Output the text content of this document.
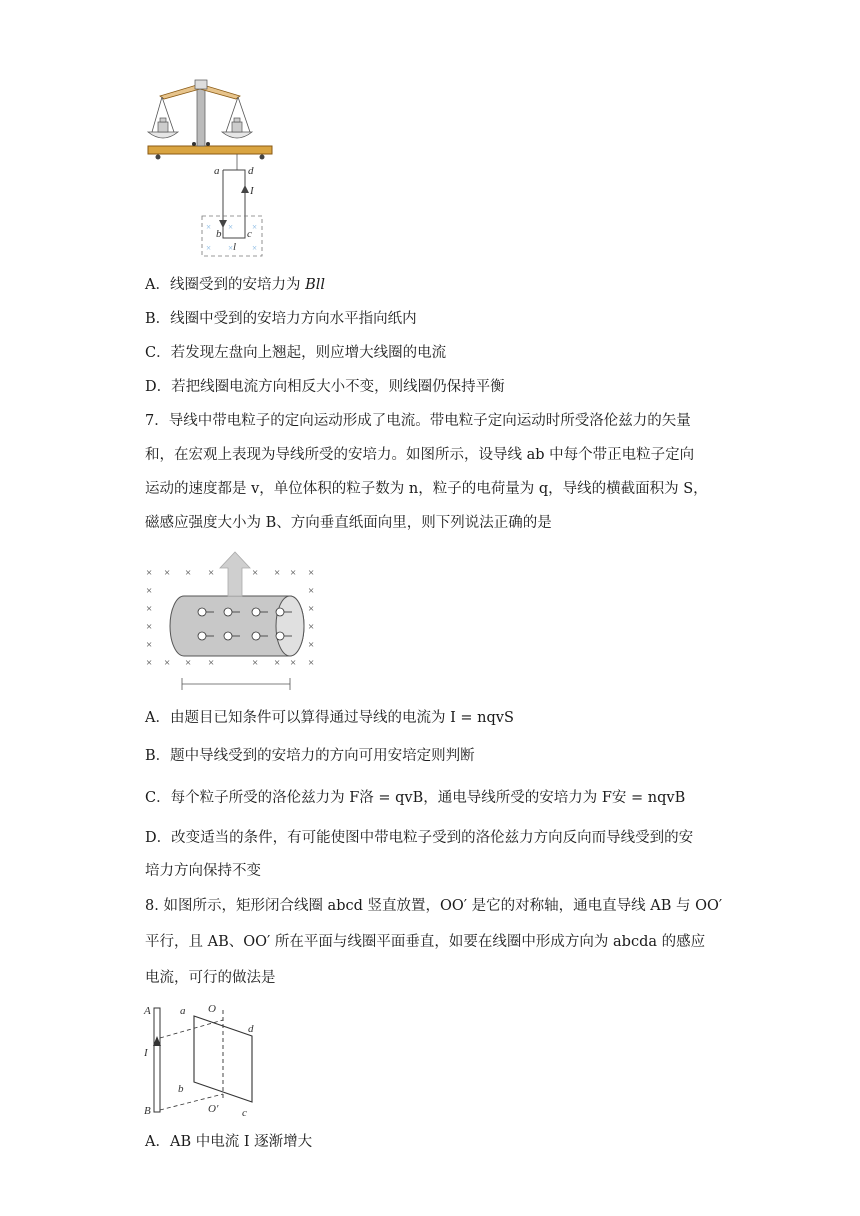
× × ×
× × ×
a	d
I
b c
l
A．线圈受到的安培力为 Bll
B．线圈中受到的安培力方向水平指向纸内
C．若发现左盘向上翘起，则应增大线圈的电流
D．若把线圈电流方向相反大小不变，则线圈仍保持平衡
7．导线中带电粒子的定向运动形成了电流。带电粒子定向运动时所受洛伦兹力的矢量
和，在宏观上表现为导线所受的安培力。如图所示，设导线 ab 中每个带正电粒子定向
运动的速度都是 v，单位体积的粒子数为 n，粒子的电荷量为 q，导线的横截面积为 S，
磁感应强度大小为 B、方向垂直纸面向里，则下列说法正确的是
×
×
×
×
×
×
×
×
×
×
×
×
×
×
×
×
×
×
×
×
×
×
×
×
A．由题目已知条件可以算得通过导线的电流为 I = nqvS
B．题中导线受到的安培力的方向可用安培定则判断
C．每个粒子所受的洛伦兹力为 F洛 = qvB，通电导线所受的安培力为 F安 = nqvB
D．改变适当的条件，有可能使图中带电粒子受到的洛伦兹力方向反向而导线受到的安
培力方向保持不变
8. 如图所示，矩形闭合线圈 abcd 竖直放置，OO′ 是它的对称轴，通电直导线 AB 与 OO′
平行，且 AB、OO′ 所在平面与线圈平面垂直，如要在线圈中形成方向为 abcda 的感应
电流，可行的做法是
A
B
I
a
b
c
d
O
O′
A．AB 中电流 I 逐渐增大
